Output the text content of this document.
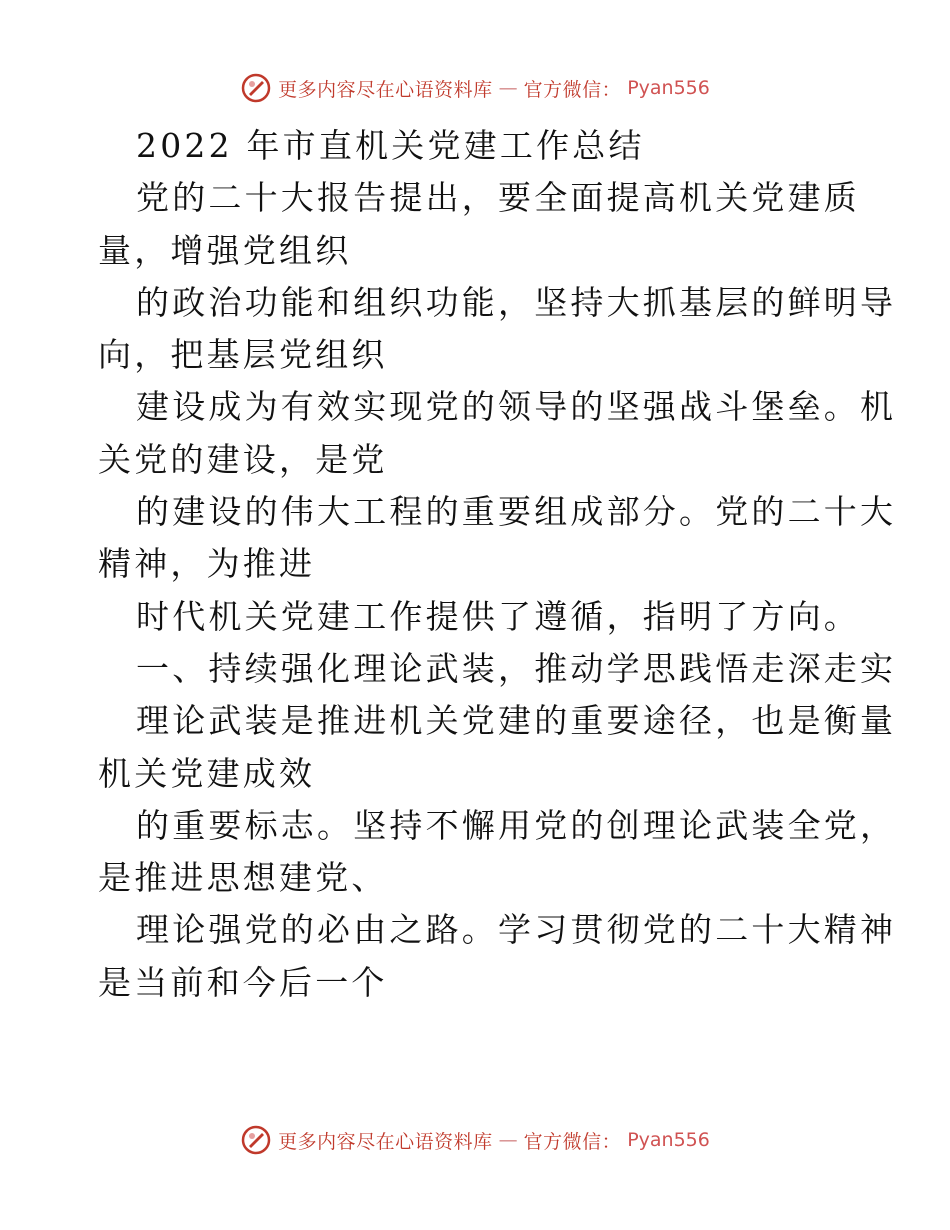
更多内容尽在心语资料库 — 官方微信： Pyan556

2022 年市直机关党建工作总结

党的二十大报告提出，要全面提高机关党建质

量，增强党组织

的政治功能和组织功能，坚持大抓基层的鲜明导

向，把基层党组织

建设成为有效实现党的领导的坚强战斗堡垒。机

关党的建设，是党

的建设的伟大工程的重要组成部分。党的二十大

精神，为推进

时代机关党建工作提供了遵循，指明了方向。

一、持续强化理论武装，推动学思践悟走深走实

理论武装是推进机关党建的重要途径，也是衡量

机关党建成效

的重要标志。坚持不懈用党的创理论武装全党，

是推进思想建党、

理论强党的必由之路。学习贯彻党的二十大精神

是当前和今后一个

更多内容尽在心语资料库 — 官方微信： Pyan556
